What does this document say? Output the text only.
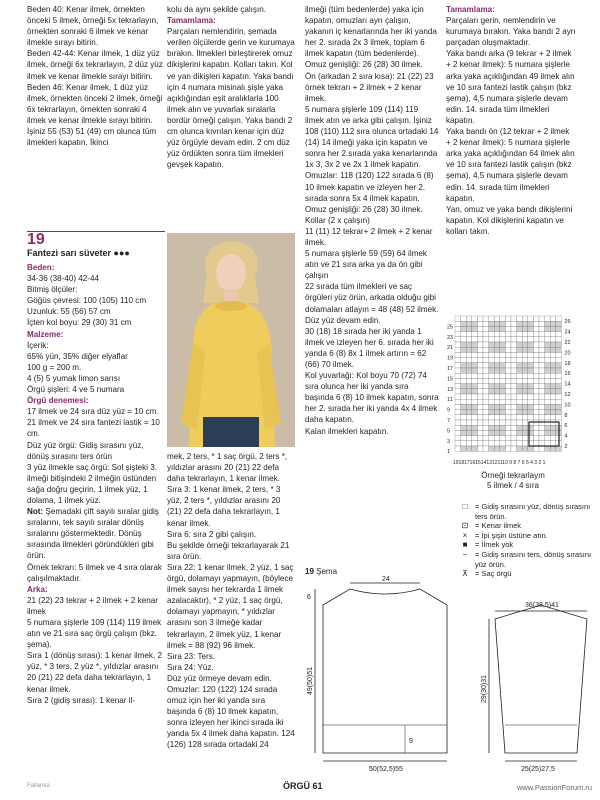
Beden 40: Kenar ilmek, örnekten önceki 5 ilmek, örneği 5x tekrarlayın, örnekten sonraki 6 ilmek ve kenar ilmekle sırayı bitirin.

Beden 42-44: Kenar ilmek, 1 düz yüz ilmek, örneği 6x tekrarlayın, 2 düz yüz ilmek ve kenar ilmekle sırayı bitirin.

Beden 46: Kenar ilmek, 1 düz yüz ilmek, örnekten önceki 2 ilmek, örneği 6x tekrarlayın, örnekten sonraki 4 ilmek ve kenar ilmekle sırayı bitirin.

İşiniz 55 (53) 51 (49) cm olunca tüm ilmekleri kapatın. İkinci

19
Fantezi sarı süveter ●●●

Beden:

34-36 (38-40) 42-44

Bitmiş ölçüler:

Göğüs çevresi: 100 (105) 110 cm

Uzunluk: 55 (56) 57 cm

İçten kol boyu: 29 (30) 31 cm

Malzeme:

İçerik:

65% yün, 35% diğer elyaflar

100 g = 200 m.

4 (5) 5 yumak limon sarısı

Örgü şişleri: 4 ve 5 numara

Örgü denemesi:

17 ilmek ve 24 sıra düz yüz = 10 cm. 21 ilmek ve 24 sıra fantezi lastik = 10 cm.

Düz yüz örgü: Gidiş sırasını yüz, dönüş sırasını ters örün

3 yüz ilmekle saç örgü: Sol şişteki 3. ilmeği bitişindeki 2 ilmeğin üstünden sağa doğru geçirin, 1 ilmek yüz, 1 dolama, 1 ilmek yüz.

Not: Şemadaki çift sayılı sıralar gidiş sıralarını, tek sayılı sıralar dönüş sıralarını göstermektedir. Dönüş sırasında ilmekleri göründükleri gibi örün.

Örnek tekrarı: 5 ilmek ve 4 sıra olarak çalışılmaktadır.

Arka:

21 (22) 23 tekrar + 2 ilmek + 2 kenar ilmek

5 numara şişlerle 109 (114) 119 ilmek atın ve 21 sıra saç örgü çalışın (bkz. şema).

Sıra 1 (dönüş sırası): 1 kenar ilmek, 2 yüz, * 3 ters, 2 yüz *, yıldızlar arasını 20 (21) 22 defa daha tekrarlayın, 1 kenar ilmek.

Sıra 2 (gidiş sırası): 1 kenar il-

kolu da aynı şekilde çalışın.

Tamamlama:

Parçaları nemlendirin, şemada verilen ölçülerde gerin ve kurumaya bırakın. İlmekleri birleştirerek omuz dikişlerini kapatın. Kolları takın. Kol ve yan dikişleri kapatın. Yaka bandı için 4 numara misinalı şişle yaka açıklığından eşit aralıklarla 100 ilmek alın ve yuvarlak sıralarla bordür örneği çalışın. Yaka bandı 2 cm olunca kıvrılan kenar için düz yüz örgüyle devam edin. 2 cm düz yüz ördükten sonra tüm ilmekleri gevşek kapatın.

mek, 2 ters, * 1 saç örgü, 2 ters *, yıldızlar arasını 20 (21) 22 defa daha tekrarlayın, 1 kenar ilmek.

Sıra 3: 1 kenar ilmek, 2 ters, * 3 yüz, 2 ters *, yıldızlar arasını 20 (21) 22 defa daha tekrarlayın, 1 kenar ilmek.

Sıra 6: sıra 2 gibi çalışın.

Bu şekilde örneği tekrarlayarak 21 sıra örün.

Sıra 22: 1 kenar ilmek, 2 yüz, 1 saç örgü, dolamayı yapmayın, (böylece ilmek sayısı her tekrarda 1 ilmek azalacaktır), * 2 yüz, 1 saç örgü, dolamayı yapmayın, * yıldızlar arasını son 3 ilmeğe kadar tekrarlayın, 2 ilmek yüz, 1 kenar ilmek = 88 (92) 96 ilmek.

Sıra 23: Ters.

Sıra 24: Yüz.

Düz yüz örmeye devam edin.

Omuzlar: 120 (122) 124 sırada omuz için her iki yanda sıra başında 6 (8) 10 ilmek kapatın, sonra izleyen her ikinci sırada iki yanda 5x 4 ilmek daha kapatın. 124 (126) 128 sırada ortadaki 24

ilmeği (tüm bedenlerde) yaka için kapatın, omuzları ayrı çalışın, yakanın iç kenarlarında her iki yanda her 2. sırada 2x 3 ilmek, toplam 6 ilmek kapatın (tüm bedenlerde).

Omuz genişliği: 26 (28) 30 ilmek.

Ön (arkadan 2 sıra kısa): 21 (22) 23 örnek tekrarı + 2 ilmek + 2 kenar ilmek.

5 numara şişlerle 109 (114) 119 ilmek atın ve arka gibi çalışın. İşiniz 108 (110) 112 sıra olunca ortadaki 14 (14) 14 ilmeği yaka için kapatın ve sonra her 2.sırada yaka kenarlarında 1x 3, 3x 2 ve 2x 1 ilmek kapatın.

Omuzlar: 118 (120) 122 sırada 6 (8) 10 ilmek kapatın ve izleyen her 2. sırada sonra 5x 4 ilmek kapatın.

Omuz genişliği: 26 (28) 30 ilmek.

Kollar (2 x çalışın)

11 (11) 12 tekrar+ 2 ilmek + 2 kenar ilmek.

5 numara şişlerle 59 (59) 64 ilmek atın ve 21 sıra arka ya da ön gibi çalışın

22 sırada tüm ilmekleri ve saç örgüleri yüz örün, arkada olduğu gibi dolamaları atlayın = 48 (48) 52 ilmek.

Düz yüz devam edin.

30 (18) 18 sırada her iki yanda 1 ilmek ve izleyen her 6. sırada her iki yanda 6 (8) 8x 1 ilmek artırın = 62 (66) 70 ilmek.

Kol yuvarlağı: Kol boyu 70 (72) 74 sıra olunca her iki yanda sıra başında 6 (8) 10 ilmek kapatın, sonra her 2. sırada her iki yanda 4x 4 ilmek daha kapatın.

Kalan ilmekleri kapatın.

Tamamlama:

Parçaları gerin, nemlendirin ve kurumaya bırakın. Yaka bandı 2 ayrı parçadan oluşmaktadır.

Yaka bandı arka (9 tekrar + 2 ilmek + 2 kenar ilmek): 5 numara şişlerle arka yaka açıklığından 49 ilmek alın ve 10 sıra fantezi lastik çalışın (bkz şema), 4,5 numara şişlerle devam edin. 14. sırada tüm ilmekleri kapatın.

Yaka bandı ön (12 tekrar + 2 ilmek + 2 kenar ilmek): 5 numara şişlerle arka yaka açıklığından 64 ilmek alın ve 10 sıra fantezi lastik çalışın (bkz şema), 4,5 numara şişlerle devam edin. 14. sırada tüm ilmekleri kapatın.

Yan, omuz ve yaka bandı dikişlerini kapatın. Kol dikişlerini kapatın ve kolları takın.

26
24
22
20
18
16
14
12
10
8
6
4
2
25
23
21
19
17
15
13
11
9
7
5
3
1
19181716151413121110 9 8 7 6 5 4 3 2 1
Örneği tekrarlayın
5 ilmek / 4 sıra
□	= Gidiş sırasını yüz, dönüş sırasını ters örün.
⊡ = Kenar ilmek
×	= İpi şişin üstüne atın.
■	= İlmek yok
−	= Gidiş sırasını ters, dönüş sırasını yüz örün.
⊼ = Saç örgü
19 Şema
24
6
49(50)51
9
50(52,5)55
36(38,5)41
29(30)31
25(25)27,5
Fallanka	ÖRGÜ 61	www.PassionForum.ru
